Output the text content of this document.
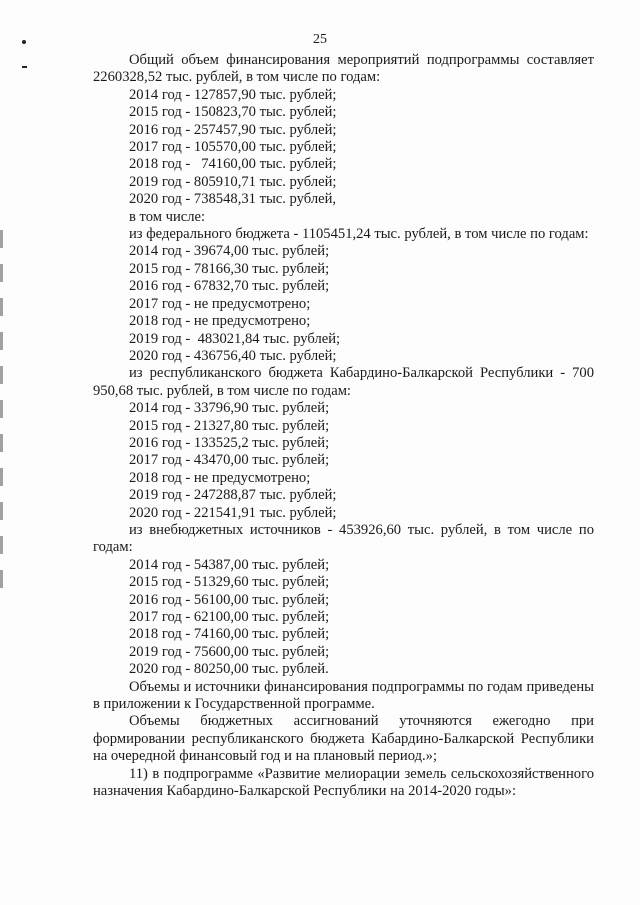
25

Общий объем финансирования мероприятий подпрограммы составляет 2260328,52 тыс. рублей, в том числе по годам:

2014 год - 127857,90 тыс. рублей;

2015 год - 150823,70 тыс. рублей;

2016 год - 257457,90 тыс. рублей;

2017 год - 105570,00 тыс. рублей;

2018 год -   74160,00 тыс. рублей;

2019 год - 805910,71 тыс. рублей;

2020 год - 738548,31 тыс. рублей,

в том числе:

из федерального бюджета - 1105451,24 тыс. рублей, в том числе по годам:

2014 год - 39674,00 тыс. рублей;

2015 год - 78166,30 тыс. рублей;

2016 год - 67832,70 тыс. рублей;

2017 год - не предусмотрено;

2018 год - не предусмотрено;

2019 год -  483021,84 тыс. рублей;

2020 год - 436756,40 тыс. рублей;

из республиканского бюджета Кабардино-Балкарской Республики - 700 950,68 тыс. рублей, в том числе по годам:

2014 год - 33796,90 тыс. рублей;

2015 год - 21327,80 тыс. рублей;

2016 год - 133525,2 тыс. рублей;

2017 год - 43470,00 тыс. рублей;

2018 год - не предусмотрено;

2019 год - 247288,87 тыс. рублей;

2020 год - 221541,91 тыс. рублей;

из внебюджетных источников - 453926,60 тыс. рублей, в том числе по годам:

2014 год - 54387,00 тыс. рублей;

2015 год - 51329,60 тыс. рублей;

2016 год - 56100,00 тыс. рублей;

2017 год - 62100,00 тыс. рублей;

2018 год - 74160,00 тыс. рублей;

2019 год - 75600,00 тыс. рублей;

2020 год - 80250,00 тыс. рублей.

Объемы и источники финансирования подпрограммы по годам приведены в приложении к Государственной программе.

Объемы бюджетных ассигнований уточняются ежегодно при формировании республиканского бюджета Кабардино-Балкарской Республики на очередной финансовый год и на плановый период.»;

11) в подпрограмме «Развитие мелиорации земель сельскохозяйственного назначения Кабардино-Балкарской Республики на 2014-2020 годы»:
